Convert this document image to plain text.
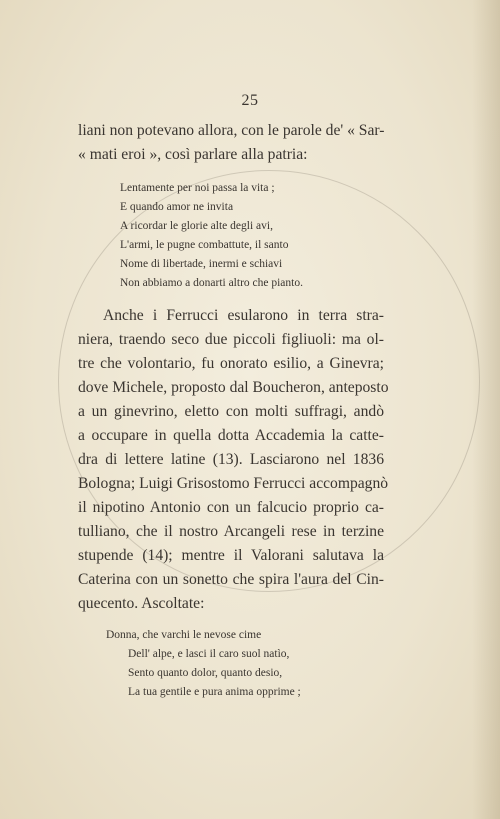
25
liani non potevano allora, con le parole de' « Sar-
« mati eroi », così parlare alla patria:
Lentamente per noi passa la vita ;
E quando amor ne invita
A ricordar le glorie alte degli avi,
L'armi, le pugne combattute, il santo
Nome di libertade, inermi e schiavi
Non abbiamo a donarti altro che pianto.
Anche i Ferrucci esularono in terra stra-
niera, traendo seco due piccoli figliuoli: ma ol-
tre che volontario, fu onorato esilio, a Ginevra;
dove Michele, proposto dal Boucheron, anteposto
a un ginevrino, eletto con molti suffragi, andò
a occupare in quella dotta Accademia la catte-
dra di lettere latine (13). Lasciarono nel 1836
Bologna; Luigi Grisostomo Ferrucci accompagnò
il nipotino Antonio con un falcucio proprio ca-
tulliano, che il nostro Arcangeli rese in terzine
stupende (14); mentre il Valorani salutava la
Caterina con un sonetto che spira l'aura del Cin-
quecento. Ascoltate:
Donna, che varchi le nevose cime
Dell' alpe, e lasci il caro suol natìo,
Sento quanto dolor, quanto desio,
La tua gentile e pura anima opprime ;
